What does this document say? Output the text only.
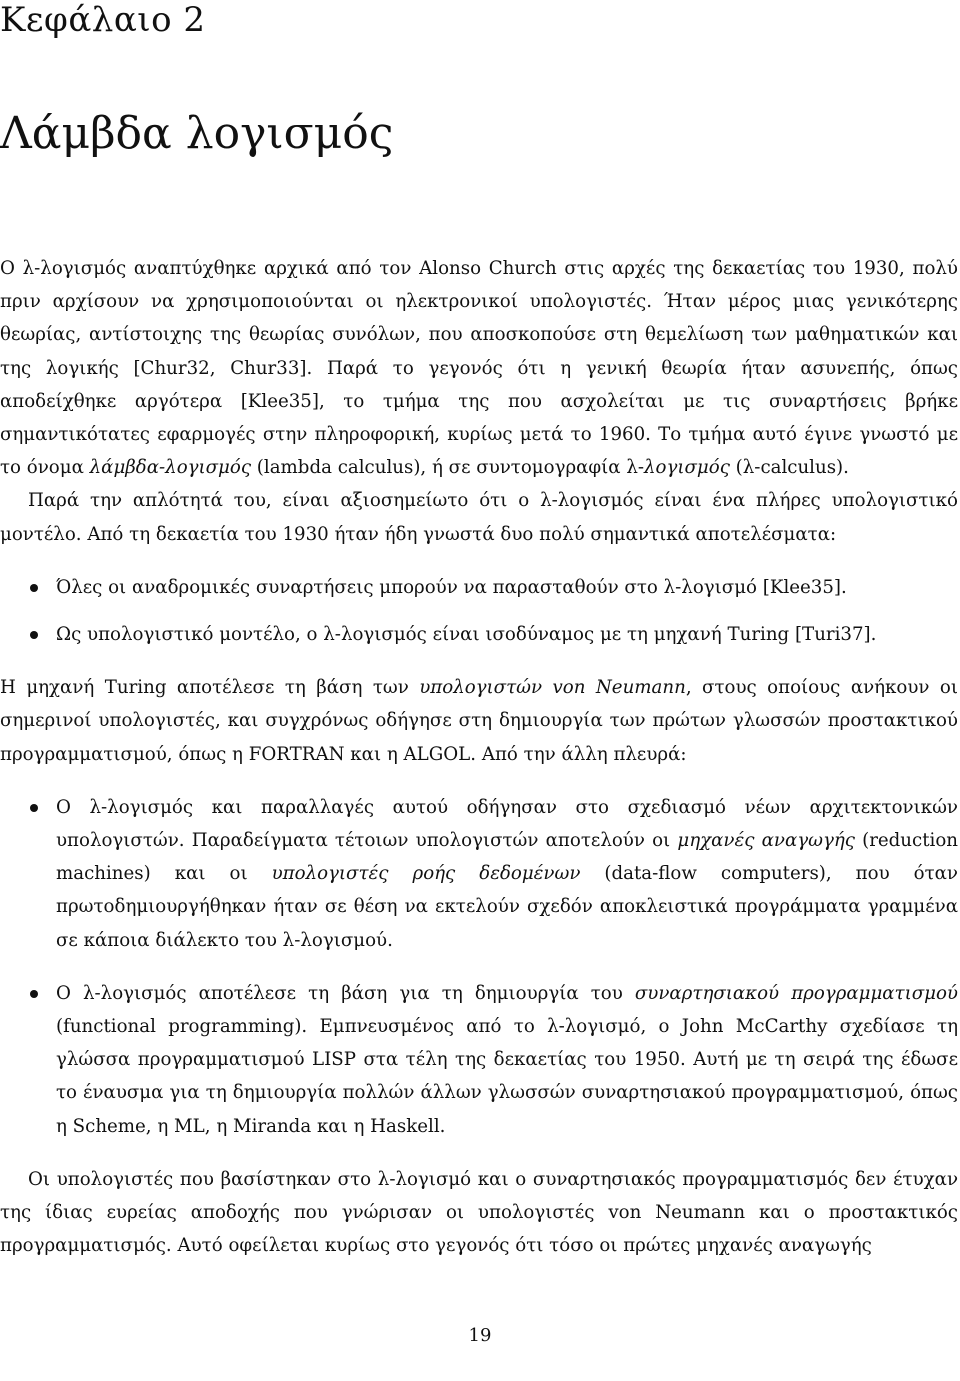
Κεφάλαιο 2
Λάμβδα λογισμός

Ο λ-λογισμός αναπτύχθηκε αρχικά από τον Alonso Church στις αρχές της δεκαετίας του 1930, πολύ πριν αρχίσουν να χρησιμοποιούνται οι ηλεκτρονικοί υπολογιστές. Ήταν μέρος μιας γενικότερης θεωρίας, αντίστοιχης της θεωρίας συνόλων, που αποσκοπούσε στη θεμελίωση των μαθηματικών και της λογικής [Chur32, Chur33]. Παρά το γεγονός ότι η γενική θεωρία ήταν ασυνεπής, όπως αποδείχθηκε αργότερα [Klee35], το τμήμα της που ασχολείται με τις συναρτήσεις βρήκε σημαντικότατες εφαρμογές στην πληροφορική, κυρίως μετά το 1960. Το τμήμα αυτό έγινε γνωστό με το όνομα λάμβδα-λογισμός (lambda calculus), ή σε συντομογραφία λ-λογισμός (λ-calculus).

Παρά την απλότητά του, είναι αξιοσημείωτο ότι ο λ-λογισμός είναι ένα πλήρες υπολογιστικό μοντέλο. Από τη δεκαετία του 1930 ήταν ήδη γνωστά δυο πολύ σημαντικά αποτελέσματα:

Όλες οι αναδρομικές συναρτήσεις μπορούν να παρασταθούν στο λ-λογισμό [Klee35].
Ως υπολογιστικό μοντέλο, ο λ-λογισμός είναι ισοδύναμος με τη μηχανή Turing [Turi37].

Η μηχανή Turing αποτέλεσε τη βάση των υπολογιστών von Neumann, στους οποίους ανήκουν οι σημερινοί υπολογιστές, και συγχρόνως οδήγησε στη δημιουργία των πρώτων γλωσσών προστακτικού προγραμματισμού, όπως η FORTRAN και η ALGOL. Από την άλλη πλευρά:

Ο λ-λογισμός και παραλλαγές αυτού οδήγησαν στο σχεδιασμό νέων αρχιτεκτονικών υπολογιστών. Παραδείγματα τέτοιων υπολογιστών αποτελούν οι μηχανές αναγωγής (reduction machines) και οι υπολογιστές ροής δεδομένων (data-flow computers), που όταν πρωτοδημιουργήθηκαν ήταν σε θέση να εκτελούν σχεδόν αποκλειστικά προγράμματα γραμμένα σε κάποια διάλεκτο του λ-λογισμού.
Ο λ-λογισμός αποτέλεσε τη βάση για τη δημιουργία του συναρτησιακού προγραμματισμού (functional programming). Εμπνευσμένος από το λ-λογισμό, ο John McCarthy σχεδίασε τη γλώσσα προγραμματισμού LISP στα τέλη της δεκαετίας του 1950. Αυτή με τη σειρά της έδωσε το έναυσμα για τη δημιουργία πολλών άλλων γλωσσών συναρτησιακού προγραμματισμού, όπως η Scheme, η ML, η Miranda και η Haskell.

Οι υπολογιστές που βασίστηκαν στο λ-λογισμό και ο συναρτησιακός προγραμματισμός δεν έτυχαν της ίδιας ευρείας αποδοχής που γνώρισαν οι υπολογιστές von Neumann και ο προστακτικός προγραμματισμός. Αυτό οφείλεται κυρίως στο γεγονός ότι τόσο οι πρώτες μηχανές αναγωγής

19
